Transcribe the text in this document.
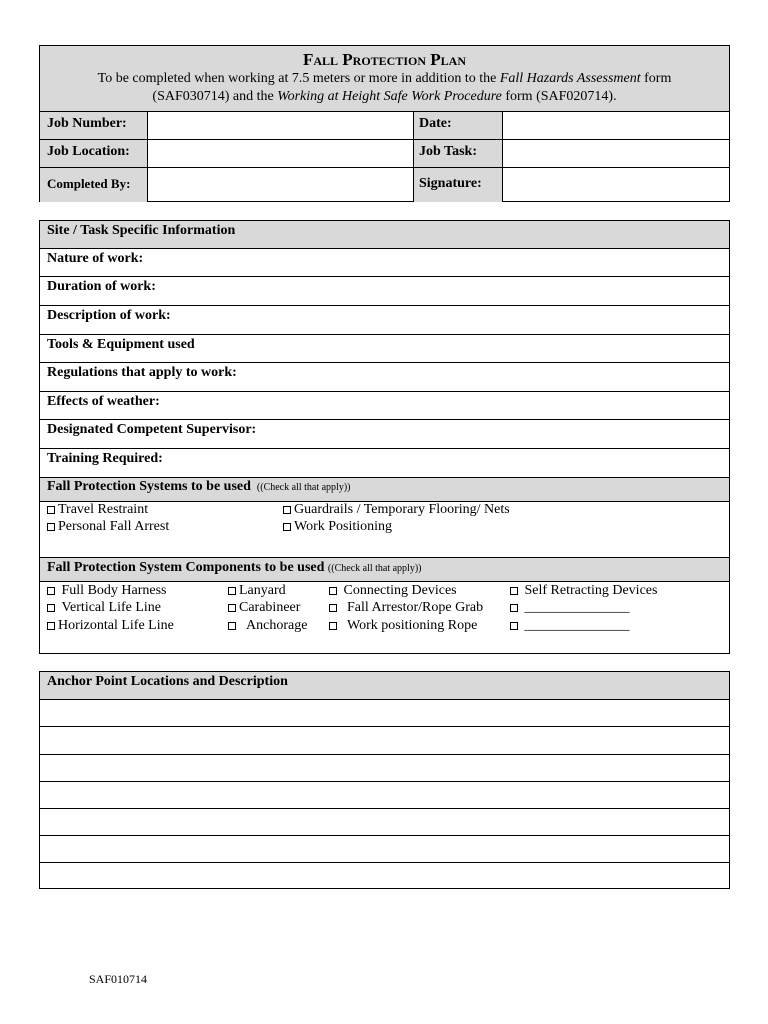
Fall Protection Plan
To be completed when working at 7.5 meters or more in addition to the Fall Hazards Assessment form
(SAF030714) and the Working at Height Safe Work Procedure form (SAF020714).
Job Number:	Date:
Job Location:	Job Task:
Completed By:	Signature:
Site / Task Specific Information
Nature of work:
Duration of work:
Description of work:
Tools & Equipment used
Regulations that apply to work:
Effects of weather:
Designated Competent Supervisor:
Training Required:
Fall Protection Systems to be used  ((Check all that apply))
Travel Restraint	Guardrails / Temporary Flooring/ Nets
Personal Fall Arrest	Work Positioning
Fall Protection System Components to be used ((Check all that apply))
Full Body Harness	Lanyard	Connecting Devices	Self Retracting Devices
Vertical Life Line	Carabineer	Fall Arrestor/Rope Grab	_______________
Horizontal Life Line	Anchorage	Work positioning Rope	_______________
Anchor Point Locations and Description
SAF010714
